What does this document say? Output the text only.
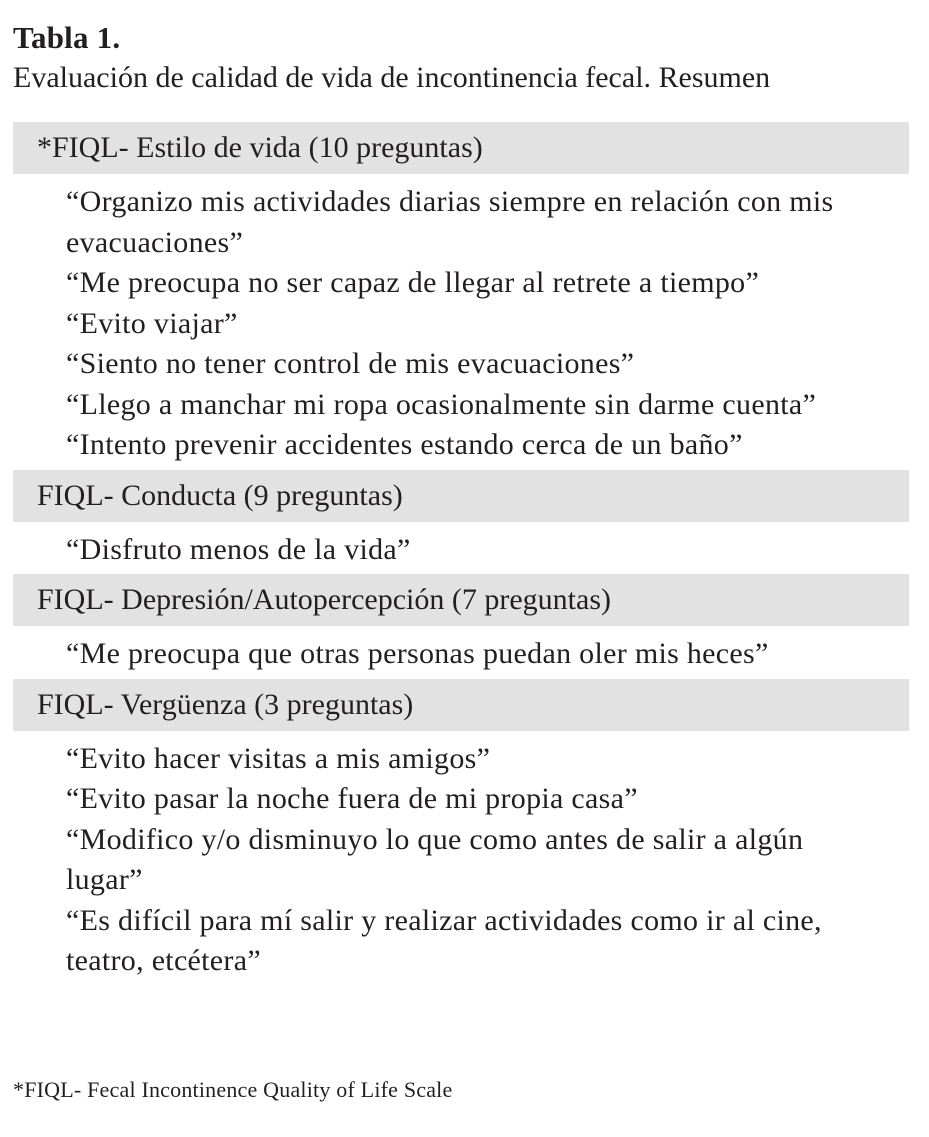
Tabla 1.

Evaluación de calidad de vida de incontinencia fecal. Resumen

*FIQL- Estilo de vida (10 preguntas)
“Organizo mis actividades diarias siempre en relación con mis evacuaciones”
“Me preocupa no ser capaz de llegar al retrete a tiempo”
“Evito viajar”
“Siento no tener control de mis evacuaciones”
“Llego a manchar mi ropa ocasionalmente sin darme cuenta”
“Intento prevenir accidentes estando cerca de un baño”
FIQL- Conducta (9 preguntas)
“Disfruto menos de la vida”
FIQL- Depresión/Autopercepción (7 preguntas)
“Me preocupa que otras personas puedan oler mis heces”
FIQL- Vergüenza (3 preguntas)
“Evito hacer visitas a mis amigos”
“Evito pasar la noche fuera de mi propia casa”
“Modifico y/o disminuyo lo que como antes de salir a algún lugar”
“Es difícil para mí salir y realizar actividades como ir al cine, teatro, etcétera”
*FIQL- Fecal Incontinence Quality of Life Scale
